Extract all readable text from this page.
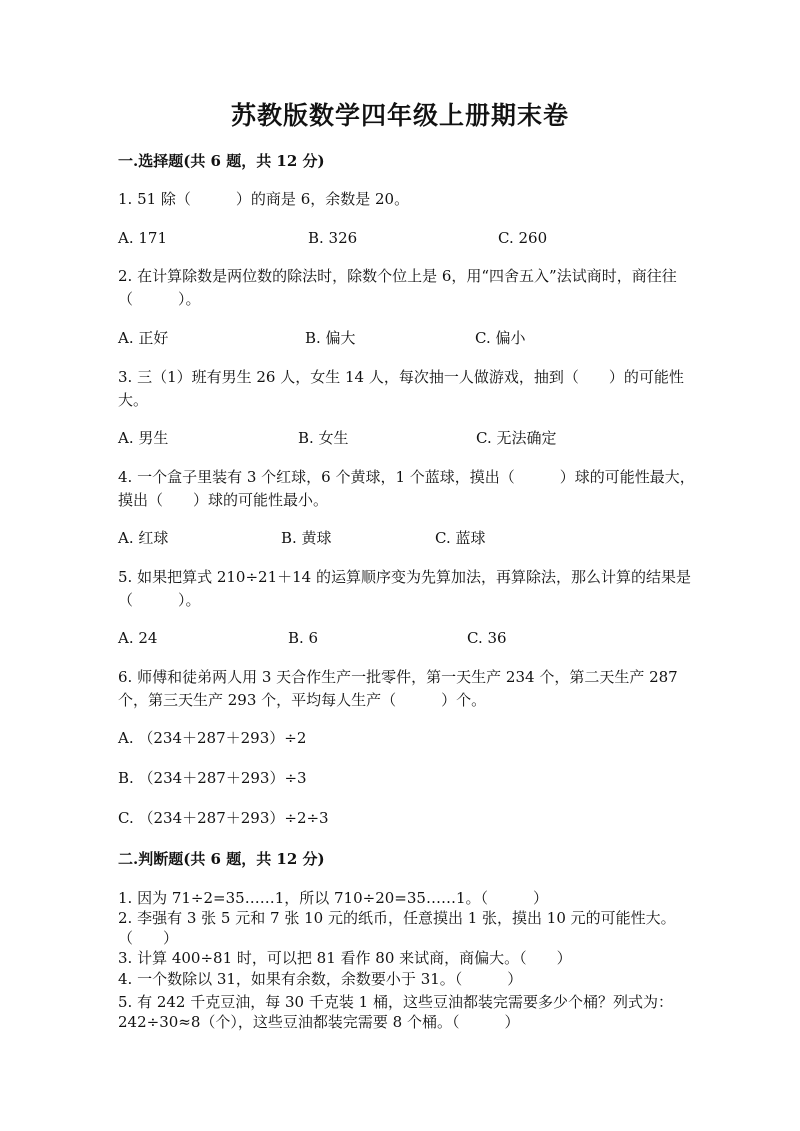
苏教版数学四年级上册期末卷
一.选择题(共 6 题，共 12 分)
1. 51 除（　　　）的商是 6，余数是 20。
A. 171	B. 326	C. 260
2. 在计算除数是两位数的除法时，除数个位上是 6，用“四舍五入”法试商时，商往往（　　　）。
A. 正好	B. 偏大	C. 偏小
3. 三（1）班有男生 26 人，女生 14 人，每次抽一人做游戏，抽到（　　）的可能性大。
A. 男生	B. 女生	C. 无法确定
4. 一个盒子里装有 3 个红球，6 个黄球，1 个蓝球，摸出（　　　）球的可能性最大，摸出（　　）球的可能性最小。
A. 红球	B. 黄球	C. 蓝球
5. 如果把算式 210÷21＋14 的运算顺序变为先算加法，再算除法，那么计算的结果是（　　　）。
A. 24	B. 6	C. 36
6. 师傅和徒弟两人用 3 天合作生产一批零件，第一天生产 234 个，第二天生产 287 个，第三天生产 293 个，平均每人生产（　　　）个。
A. （234＋287＋293）÷2
B. （234＋287＋293）÷3
C. （234＋287＋293）÷2÷3
二.判断题(共 6 题，共 12 分)
1. 因为 71÷2=35……1，所以 710÷20=35……1。（　　　）
2. 李强有 3 张 5 元和 7 张 10 元的纸币，任意摸出 1 张，摸出 10 元的可能性大。　　（　　）
3. 计算 400÷81 时，可以把 81 看作 80 来试商，商偏大。（　　）
4. 一个数除以 31，如果有余数，余数要小于 31。（　　　）
5. 有 242 千克豆油，每 30 千克装 1 桶，这些豆油都装完需要多少个桶？列式为：242÷30≈8（个），这些豆油都装完需要 8 个桶。（　　　）
